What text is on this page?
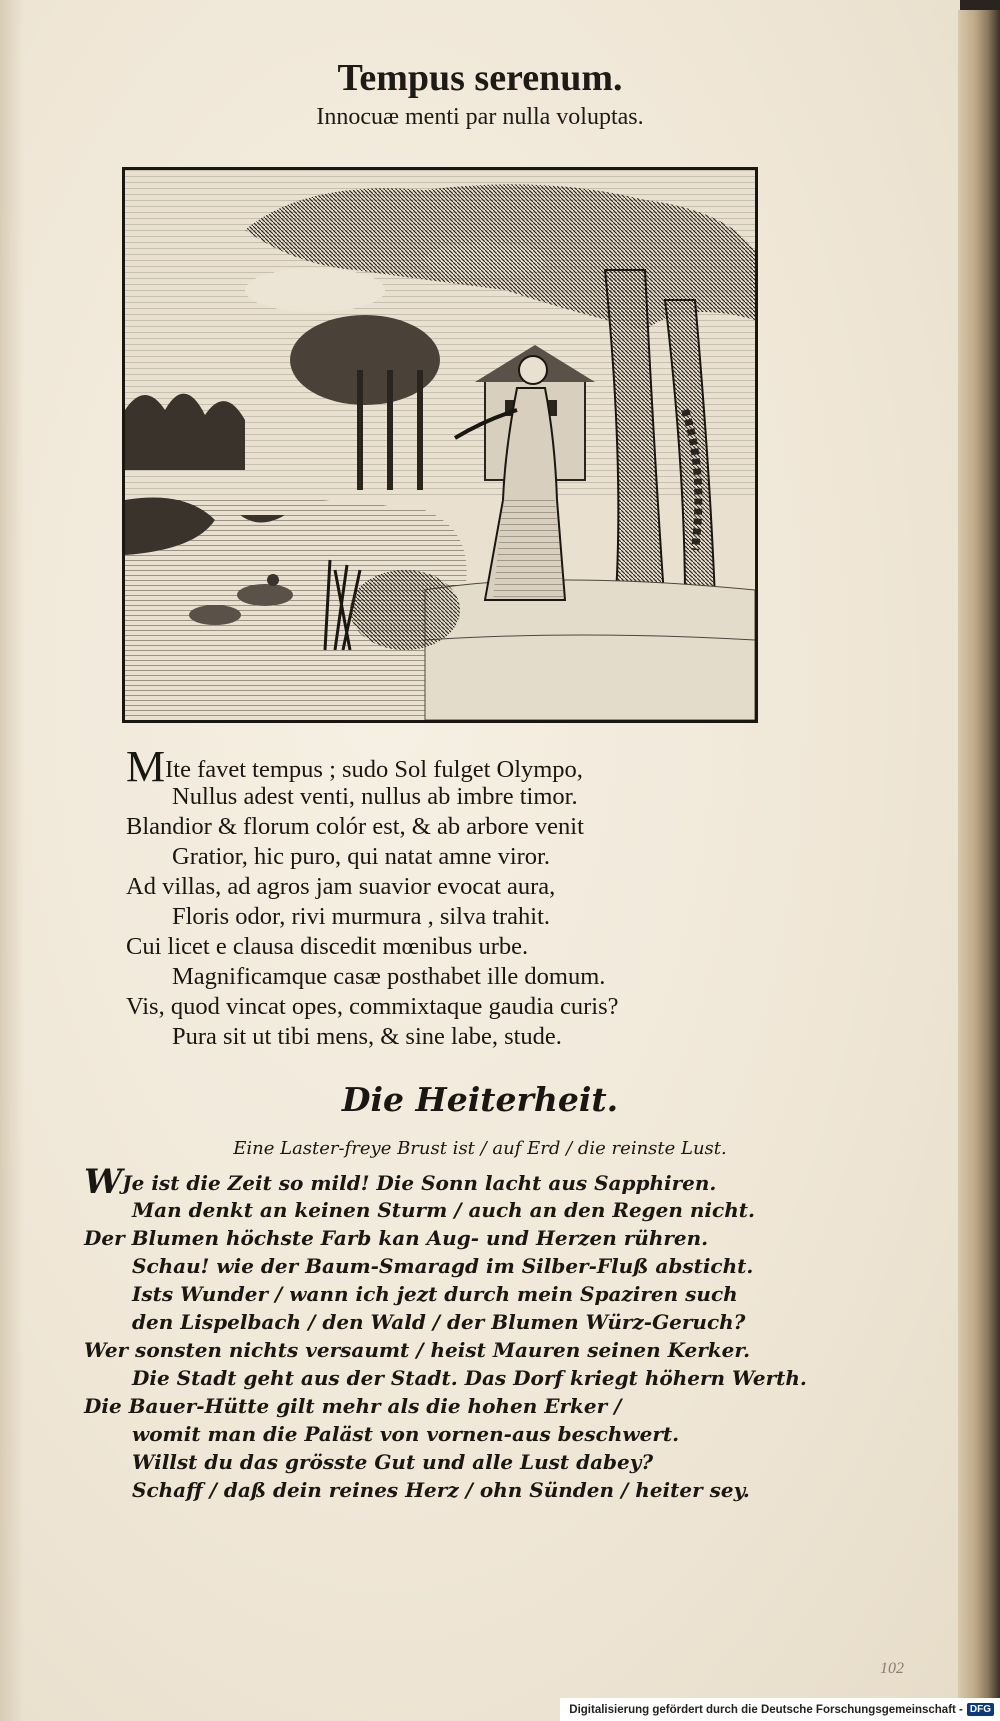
Tempus serenum.
Innocuæ menti par nulla voluptas.
MIte favet tempus ; sudo Sol fulget Olympo,
Nullus adest venti, nullus ab imbre timor.
Blandior & florum colór est, & ab arbore venit
Gratior, hic puro, qui natat amne viror.
Ad villas, ad agros jam suavior evocat aura,
Floris odor, rivi murmura , silva trahit.
Cui licet e clausa discedit mœnibus urbe.
Magnificamque casæ posthabet ille domum.
Vis, quod vincat opes, commixtaque gaudia curis?
Pura sit ut tibi mens, & sine labe, stude.
Die Heiterheit.
Eine Laster-freye Brust ist / auf Erd / die reinste Lust.
WJe ist die Zeit so mild! Die Sonn lacht aus Sapphiren.
Man denkt an keinen Sturm / auch an den Regen nicht.
Der Blumen höchste Farb kan Aug- und Herzen rühren.
Schau! wie der Baum-Smaragd im Silber-Fluß absticht.
Ists Wunder / wann ich jezt durch mein Spaziren such
den Lispelbach / den Wald / der Blumen Würz-Geruch?
Wer sonsten nichts versaumt / heist Mauren seinen Kerker.
Die Stadt geht aus der Stadt. Das Dorf kriegt höhern Werth.
Die Bauer-Hütte gilt mehr als die hohen Erker /
womit man die Paläst von vornen-aus beschwert.
Willst du das grösste Gut und alle Lust dabey?
Schaff / daß dein reines Herz / ohn Sünden / heiter sey.
102
Digitalisierung gefördert durch die Deutsche Forschungsgemeinschaft - DFG
